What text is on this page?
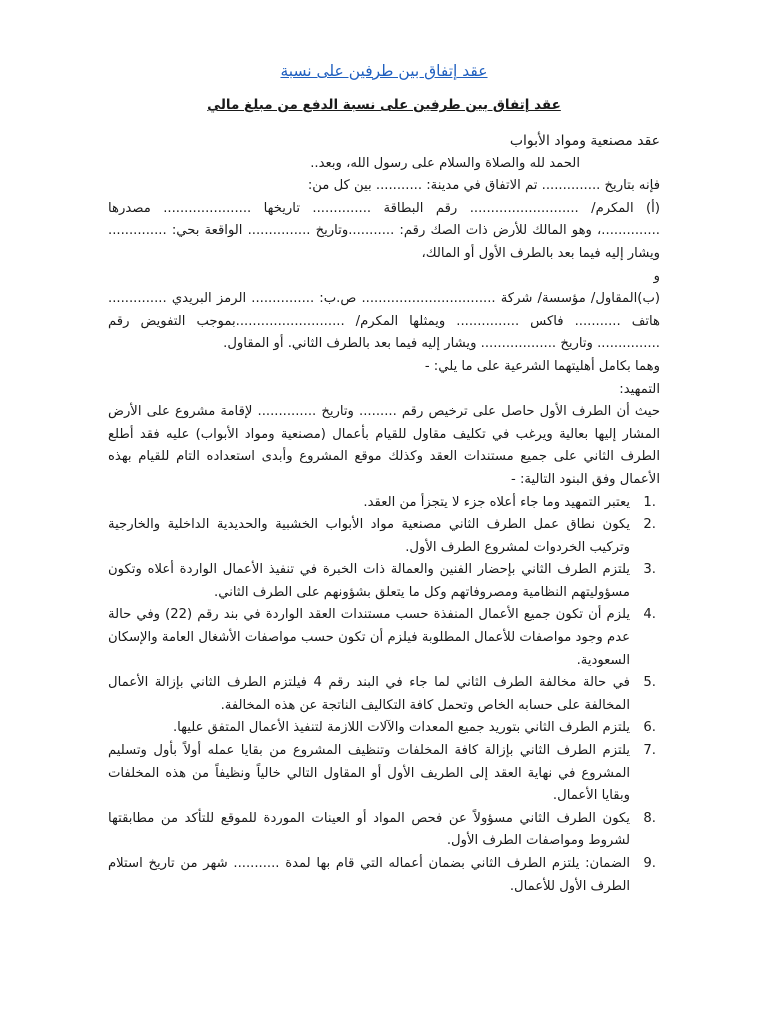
عقد إتفاق بين طرفين على نسبة
عقد إتفاق بين طرفين على نسبة الدفع من مبلغ مالي

عقد مصنعية ومواد الأبواب

الحمد لله والصلاة والسلام على رسول الله، وبعد..

فإنه بتاريخ .............. تم الاتفاق في مدينة: ........... بين كل من:

(أ) المكرم/ .......................... رقم البطاقة .............. تاريخها ..................... مصدرها ..............، وهو المالك للأرض ذات الصك رقم: ...........وتاريخ ............... الواقعة بحي: .............. ويشار إليه فيما بعد بالطرف الأول أو المالك،

و

(ب)المقاول/ مؤسسة/ شركة ................................ ص.ب: ............... الرمز البريدي .............. هاتف ........... فاكس ............... ويمثلها المكرم/ ..........................بموجب التفويض رقم ............... وتاريخ .................. ويشار إليه فيما بعد بالطرف الثاني. أو المقاول.

وهما بكامل أهليتهما الشرعية على ما يلي: -

التمهيد:

حيث أن الطرف الأول حاصل على ترخيص رقم ......... وتاريخ .............. لإقامة مشروع على الأرض المشار إليها بعالية ويرغب في تكليف مقاول للقيام بأعمال (مصنعية ومواد الأبواب) عليه فقد أطلع الطرف الثاني على جميع مستندات العقد وكذلك موقع المشروع وأبدى استعداده التام للقيام بهذه الأعمال وفق البنود التالية: -

1.
يعتبر التمهيد وما جاء أعلاه جزء لا يتجزأ من العقد.
2.
يكون نطاق عمل الطرف الثاني مصنعية مواد الأبواب الخشبية والحديدية الداخلية والخارجية وتركيب الخردوات لمشروع الطرف الأول.
3.
يلتزم الطرف الثاني بإحضار الفنين والعمالة ذات الخبرة في تنفيذ الأعمال الواردة أعلاه وتكون مسؤوليتهم النظامية ومصروفاتهم وكل ما يتعلق بشؤونهم على الطرف الثاني.
4.
يلزم أن تكون جميع الأعمال المنفذة حسب مستندات العقد الواردة في بند رقم (22) وفي حالة عدم وجود مواصفات للأعمال المطلوبة فيلزم أن تكون حسب مواصفات الأشغال العامة والإسكان السعودية.
5.
في حالة مخالفة الطرف الثاني لما جاء في البند رقم 4 فيلتزم الطرف الثاني بإزالة الأعمال المخالفة على حسابه الخاص وتحمل كافة التكاليف الناتجة عن هذه المخالفة.
6.
يلتزم الطرف الثاني بتوريد جميع المعدات والآلات اللازمة لتنفيذ الأعمال المتفق عليها.
7.
يلتزم الطرف الثاني بإزالة كافة المخلفات وتنظيف المشروع من بقايا عمله أولاً بأول وتسليم المشروع في نهاية العقد إلى الطريف الأول أو المقاول التالي خالياً ونظيفاً من هذه المخلفات وبقايا الأعمال.
8.
يكون الطرف الثاني مسؤولاً عن فحص المواد أو العينات الموردة للموقع للتأكد من مطابقتها لشروط ومواصفات الطرف الأول.
9.
الضمان: يلتزم الطرف الثاني بضمان أعماله التي قام بها لمدة ........... شهر من تاريخ استلام الطرف الأول للأعمال.
